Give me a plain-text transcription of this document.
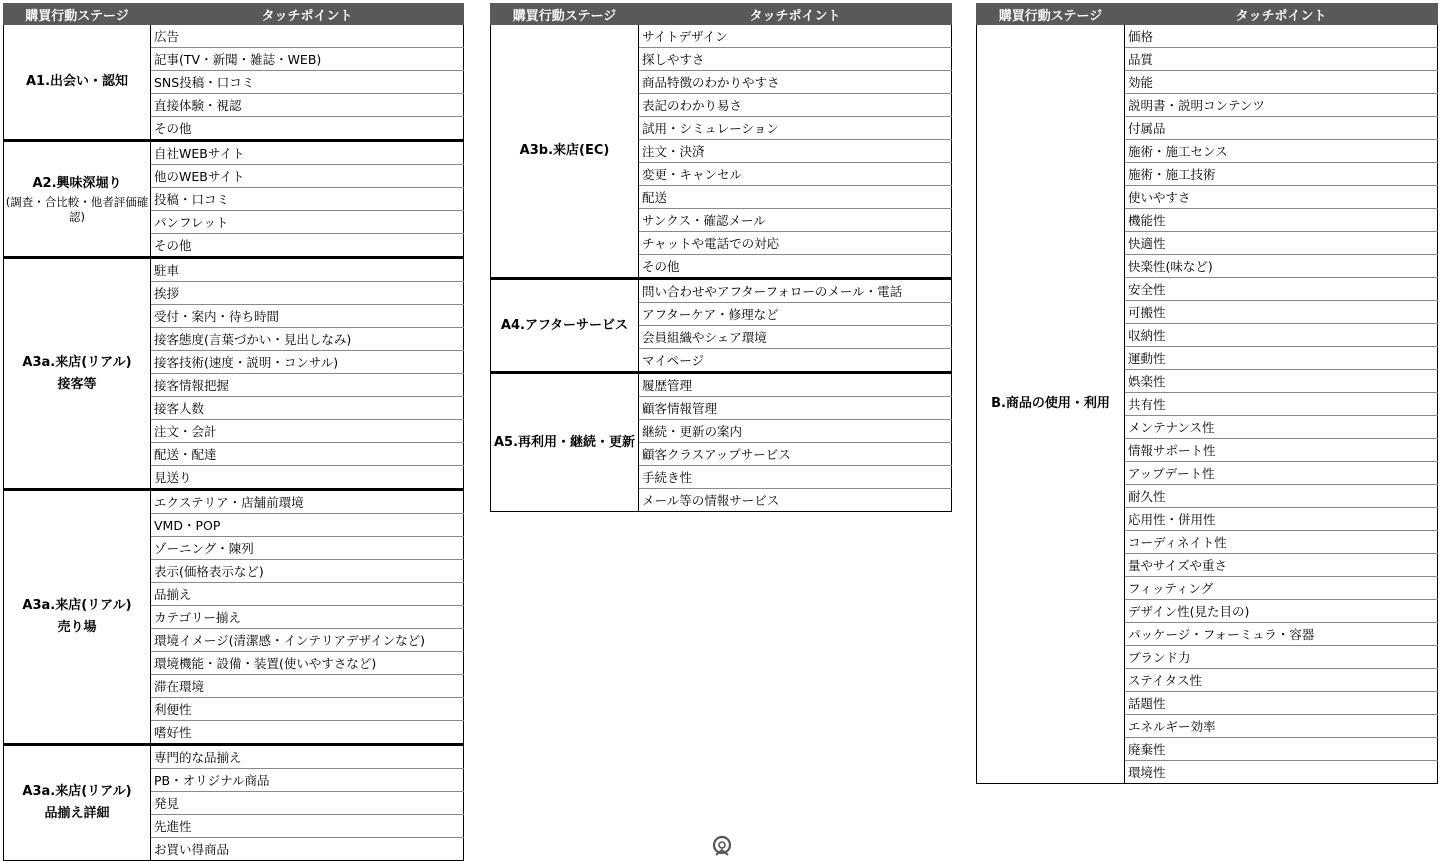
購買行動ステージ	タッチポイント
A1.出会い・認知	広告
	記事(TV・新聞・雑誌・WEB)
	SNS投稿・口コミ
	直接体験・視認
	その他
A2.興味深堀り
(調査・合比較・他者評価確認)	自社WEBサイト
	他のWEBサイト
	投稿・口コミ
	パンフレット
	その他
A3a.来店(リアル)
接客等	駐車
	挨拶
	受付・案内・待ち時間
	接客態度(言葉づかい・見出しなみ)
	接客技術(速度・説明・コンサル)
	接客情報把握
	接客人数
	注文・会計
	配送・配達
	見送り
A3a.来店(リアル)
売り場	エクステリア・店舗前環境
	VMD・POP
	ゾーニング・陳列
	表示(価格表示など)
	品揃え
	カテゴリー揃え
	環境イメージ(清潔感・インテリアデザインなど)
	環境機能・設備・装置(使いやすさなど)
	滞在環境
	利便性
	嗜好性
A3a.来店(リアル)
品揃え詳細	専門的な品揃え
	PB・オリジナル商品
	発見
	先進性
	お買い得商品
購買行動ステージ	タッチポイント
A3b.来店(EC)	サイトデザイン
	探しやすさ
	商品特徴のわかりやすさ
	表記のわかり易さ
	試用・シミュレーション
	注文・決済
	変更・キャンセル
	配送
	サンクス・確認メール
	チャットや電話での対応
	その他
A4.アフターサービス	問い合わせやアフターフォローのメール・電話
	アフターケア・修理など
	会員組織やシェア環境
	マイページ
A5.再利用・継続・更新	履歴管理
	顧客情報管理
	継続・更新の案内
	顧客クラスアップサービス
	手続き性
	メール等の情報サービス
購買行動ステージ	タッチポイント
B.商品の使用・利用	価格
	品質
	効能
	説明書・説明コンテンツ
	付属品
	施術・施工センス
	施術・施工技術
	使いやすさ
	機能性
	快適性
	快楽性(味など)
	安全性
	可搬性
	収納性
	運動性
	娯楽性
	共有性
	メンテナンス性
	情報サポート性
	アップデート性
	耐久性
	応用性・併用性
	コーディネイト性
	量やサイズや重さ
	フィッティング
	デザイン性(見た目の)
	パッケージ・フォーミュラ・容器
	ブランド力
	ステイタス性
	話題性
	エネルギー効率
	廃棄性
	環境性
